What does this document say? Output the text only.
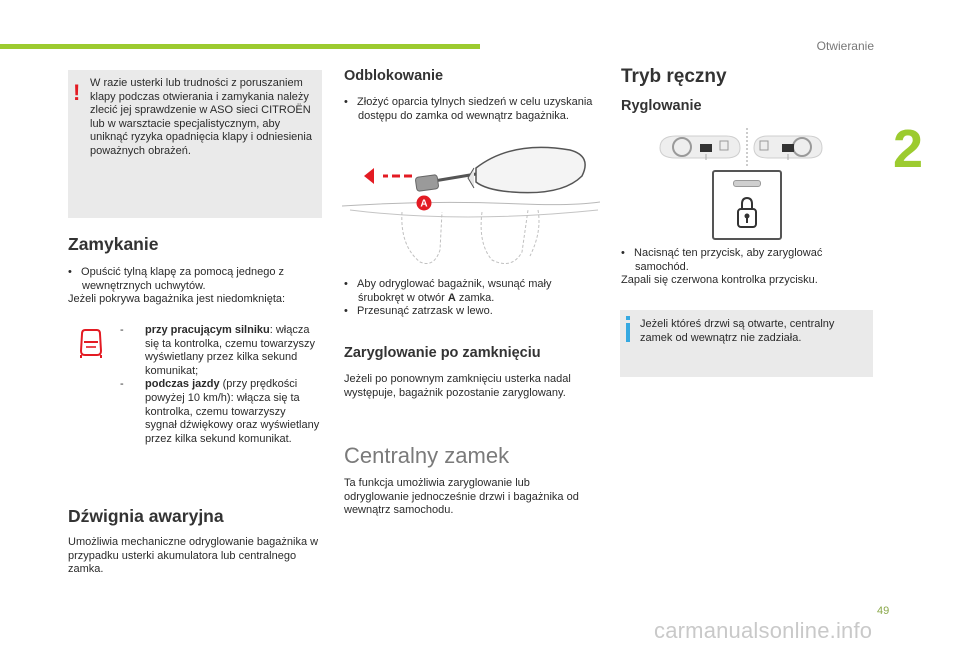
Otwieranie
2
! W razie usterki lub trudności z poruszaniem klapy podczas otwierania i zamykania należy zlecić jej sprawdzenie w ASO sieci CITROËN lub w warsztacie specjalistycznym, aby uniknąć ryzyka opadnięcia klapy i odniesienia poważnych obrażeń.
Zamykanie
• Opuścić tylną klapę za pomocą jednego z wewnętrznych uchwytów.
Jeżeli pokrywa bagażnika jest niedomknięta:
- przy pracującym silniku: włącza się ta kontrolka, czemu towarzyszy wyświetlany przez kilka sekund komunikat;
- podczas jazdy (przy prędkości powyżej 10 km/h): włącza się ta kontrolka, czemu towarzyszy sygnał dźwiękowy oraz wyświetlany przez kilka sekund komunikat.
Dźwignia awaryjna
Umożliwia mechaniczne odryglowanie bagażnika w przypadku usterki akumulatora lub centralnego zamka.
Odblokowanie
• Złożyć oparcia tylnych siedzeń w celu uzyskania dostępu do zamka od wewnątrz bagażnika.
A
• Aby odryglować bagażnik, wsunąć mały śrubokręt w otwór A zamka.
• Przesunąć zatrzask w lewo.
Zaryglowanie po zamknięciu
Jeżeli po ponownym zamknięciu usterka nadal występuje, bagażnik pozostanie zaryglowany.
Centralny zamek
Ta funkcja umożliwia zaryglowanie lub odryglowanie jednocześnie drzwi i bagażnika od wewnątrz samochodu.
Tryb ręczny
Ryglowanie
• Nacisnąć ten przycisk, aby zaryglować samochód.
Zapali się czerwona kontrolka przycisku.
Jeżeli któreś drzwi są otwarte, centralny zamek od wewnątrz nie zadziała.
49
carmanualsonline.info
